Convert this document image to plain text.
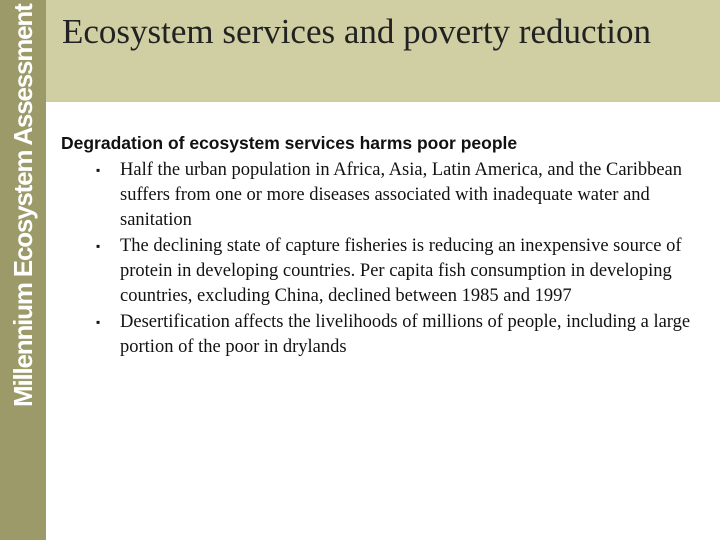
Millennium Ecosystem Assessment Ecosystem services and poverty reduction

Degradation of ecosystem services harms poor people

▪ Half the urban population in Africa, Asia, Latin America, and the Caribbean suffers from one or more diseases associated with inadequate water and sanitation
▪ The declining state of capture fisheries is reducing an inexpensive source of protein in developing countries. Per capita fish consumption in developing countries, excluding China, declined between 1985 and 1997
▪ Desertification affects the livelihoods of millions of people, including a large portion of the poor in drylands
